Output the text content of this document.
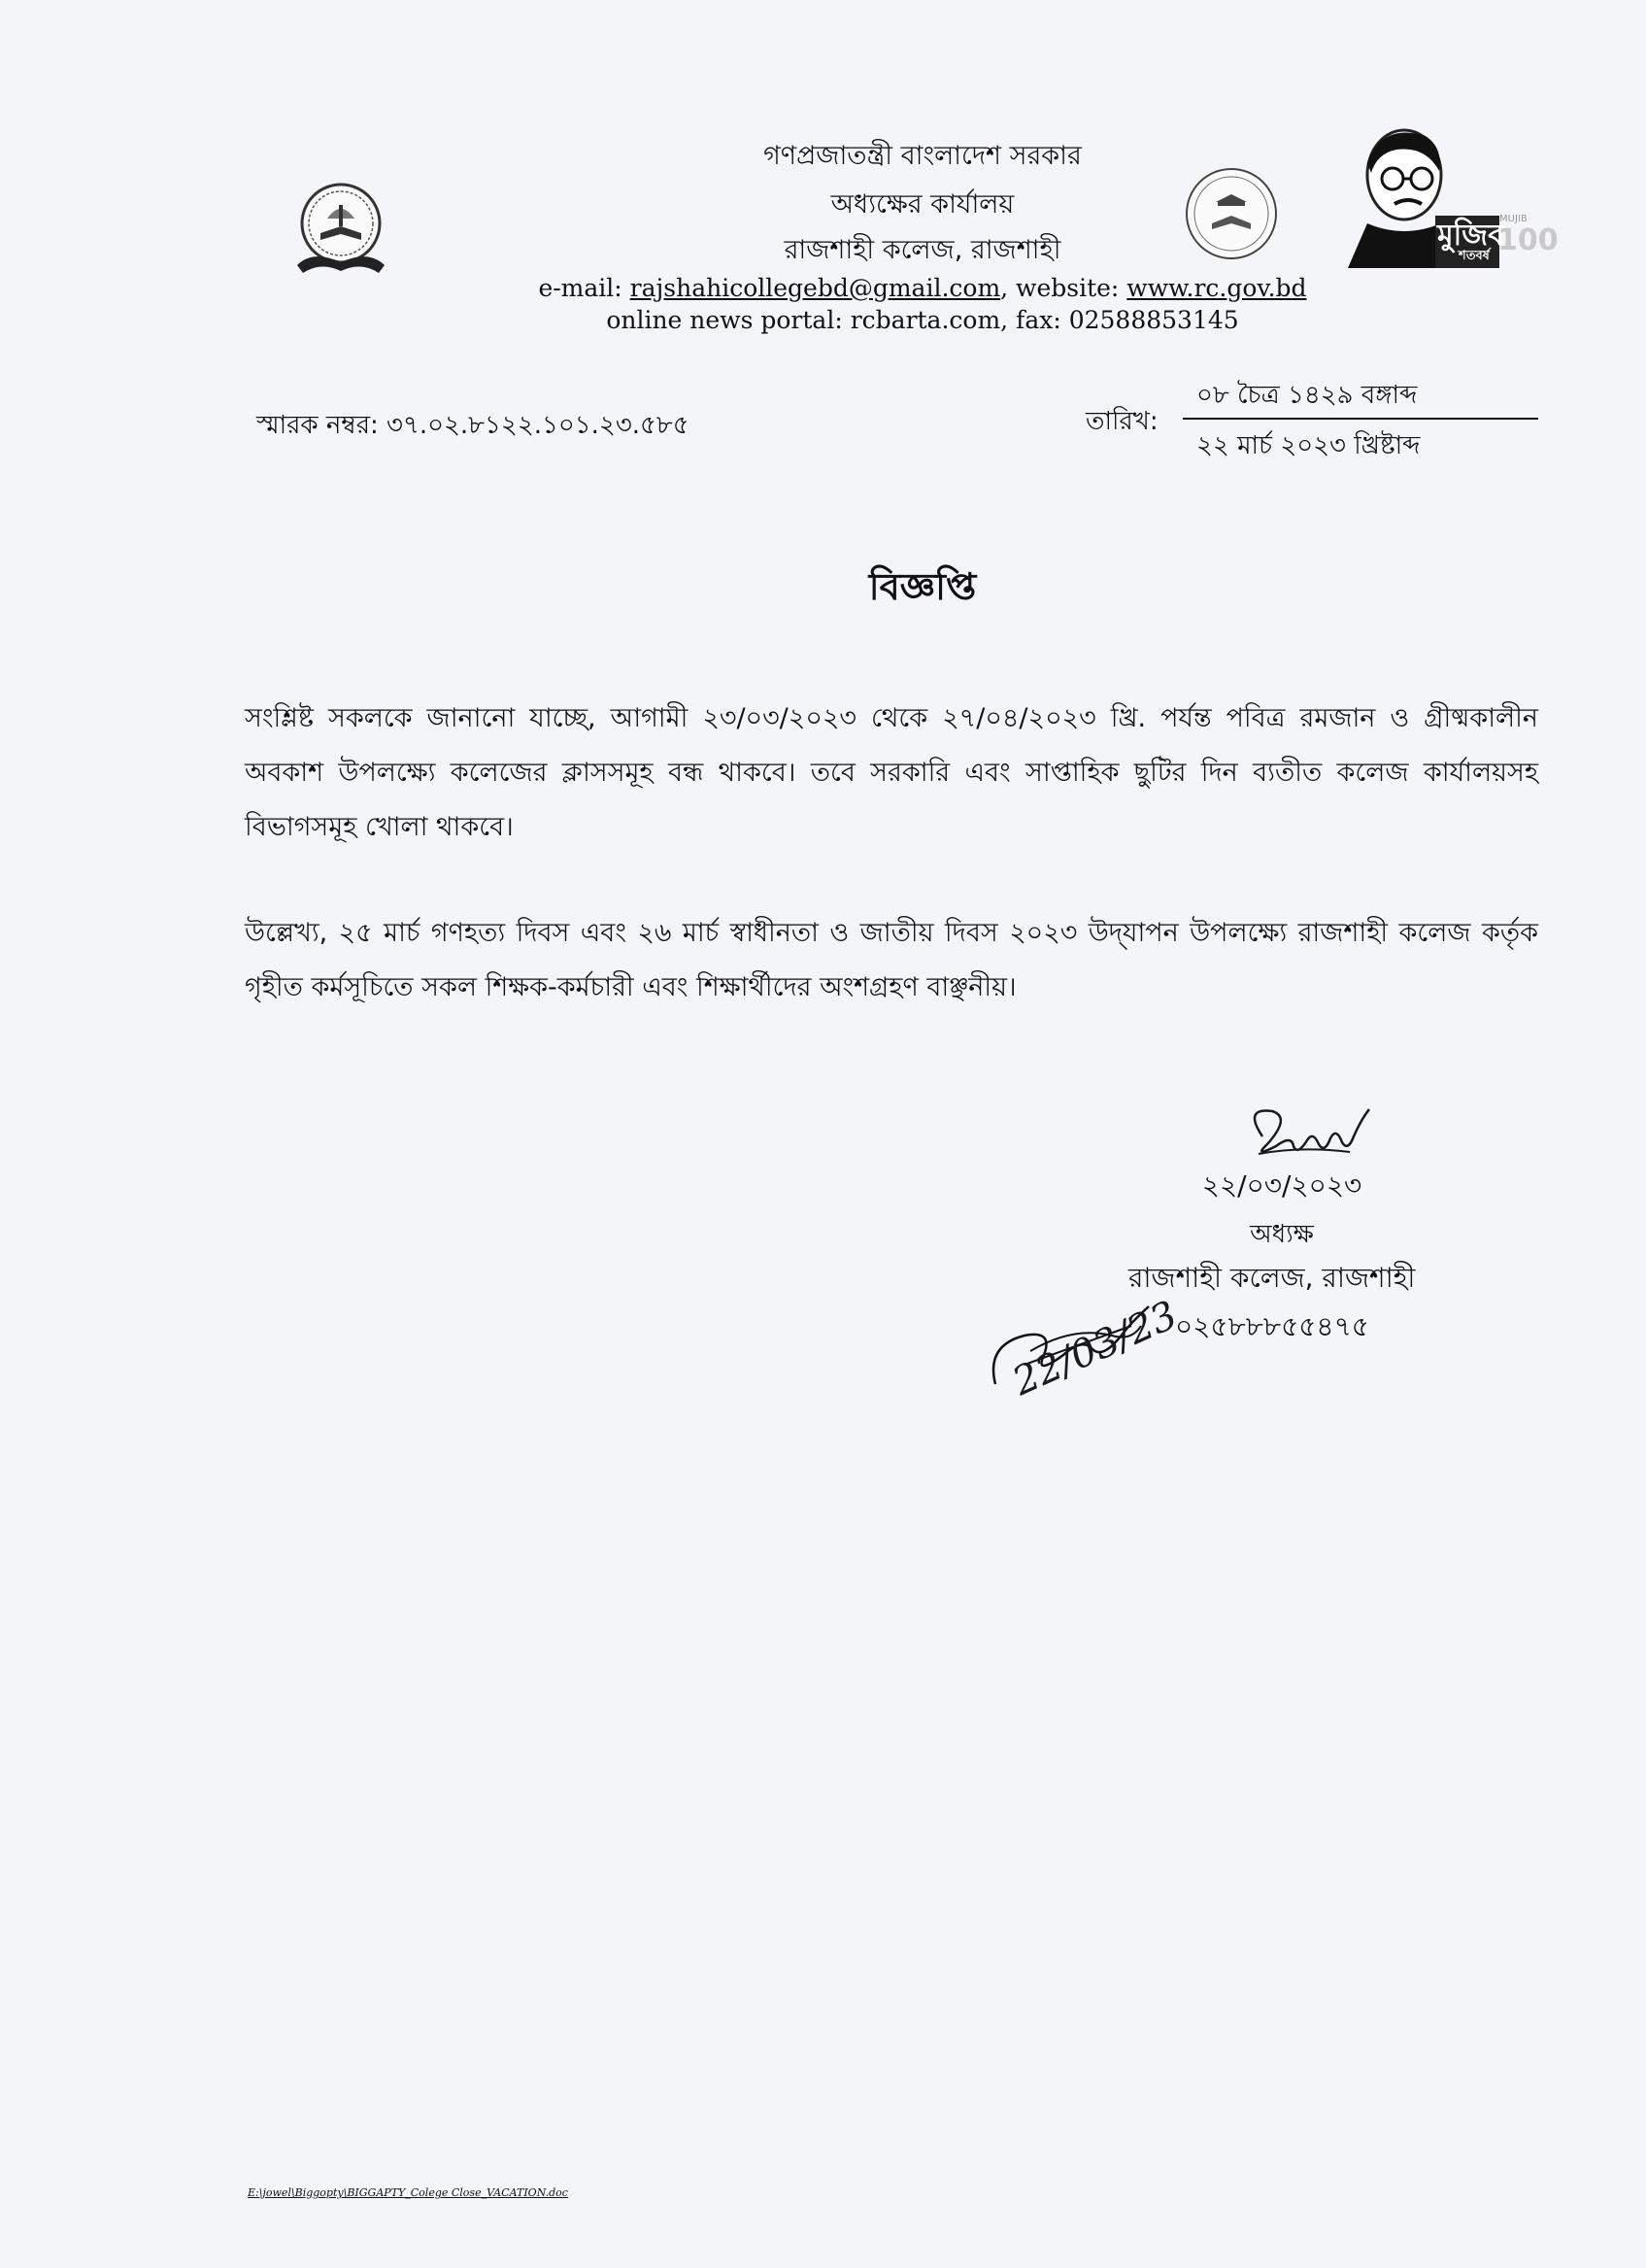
গণপ্রজাতন্ত্রী বাংলাদেশ সরকার
অধ্যক্ষের কার্যালয়
রাজশাহী কলেজ, রাজশাহী
e-mail: rajshahicollegebd@gmail.com, website: www.rc.gov.bd
online news portal: rcbarta.com, fax: 02588853145
মুজিব
শতবর্ষ
MUJIB
100
স্মারক নম্বর: ৩৭.০২.৮১২২.১০১.২৩.৫৮৫	তারিখ:
০৮ চৈত্র ১৪২৯ বঙ্গাব্দ
২২ মার্চ ২০২৩ খ্রিষ্টাব্দ
বিজ্ঞপ্তি
সংশ্লিষ্ট সকলকে জানানো যাচ্ছে, আগামী ২৩/০৩/২০২৩ থেকে ২৭/০৪/২০২৩ খ্রি. পর্যন্ত পবিত্র রমজান ও গ্রীষ্মকালীন অবকাশ উপলক্ষ্যে কলেজের ক্লাসসমূহ বন্ধ থাকবে। তবে সরকারি এবং সাপ্তাহিক ছুটির দিন ব্যতীত কলেজ কার্যালয়সহ বিভাগসমূহ খোলা থাকবে।
উল্লেখ্য, ২৫ মার্চ গণহত্য দিবস এবং ২৬ মার্চ স্বাধীনতা ও জাতীয় দিবস ২০২৩ উদ্‌যাপন উপলক্ষ্যে রাজশাহী কলেজ কর্তৃক গৃহীত কর্মসূচিতে সকল শিক্ষক-কর্মচারী এবং শিক্ষার্থীদের অংশগ্রহণ বাঞ্ছনীয়।
২২/০৩/২০২৩
অধ্যক্ষ
রাজশাহী কলেজ, রাজশাহী
০২৫৮৮৮৫৫৪৭৫
22/03/23
E:\jowel\Biggopty\BIGGAPTY_Colege Close_VACATION.doc
